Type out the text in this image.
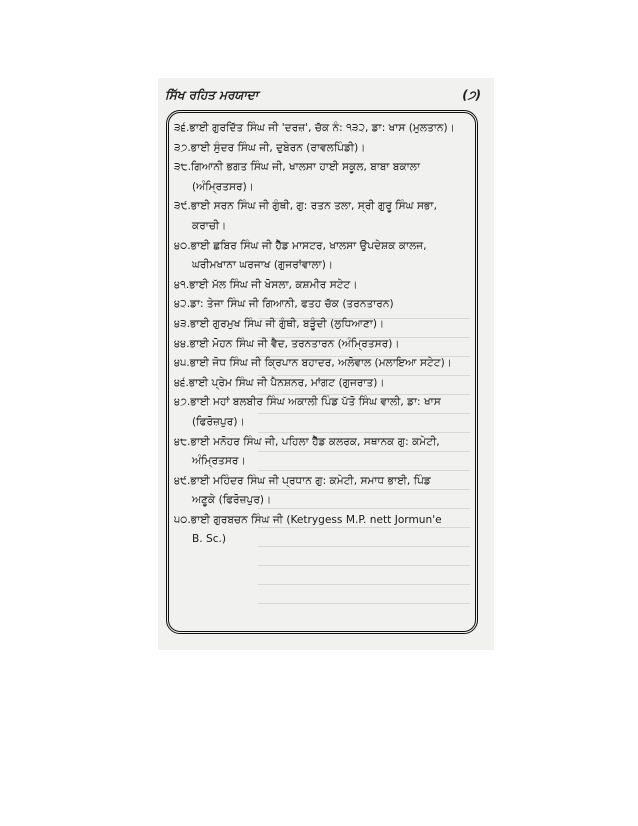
ਸਿੱਖ ਰਹਿਤ ਮਰਯਾਦਾ	(੭)
੩੬.ਭਾਈ ਗੁਰਦਿੱਤ ਸਿੰਘ ਜੀ 'ਦਰਜ਼', ਚੱਕ ਨੰ: ੧੩੨, ਡਾ: ਖਾਸ (ਮੁਲਤਾਨ)।
੩੭.ਭਾਈ ਸੁੰਦਰ ਸਿੰਘ ਜੀ, ਦੁਬੇਰਨ (ਰਾਵਲਪਿੰਡੀ)।
੩੮.ਗਿਆਨੀ ਭਗਤ ਸਿੰਘ ਜੀ, ਖਾਲਸਾ ਹਾਈ ਸਕੂਲ, ਬਾਬਾ ਬਕਾਲਾ
(ਅੰਮ੍ਰਿਤਸਰ)।
੩੯.ਭਾਈ ਸਰਨ ਸਿੰਘ ਜੀ ਗੁੰਥੀ, ਗੁ: ਰਤਨ ਤਲਾ, ਸ੍ਰੀ ਗੁਰੂ ਸਿੰਘ ਸਭਾ,
ਕਰਾਚੀ।
੪੦.ਭਾਈ ਛਬਿਰ ਸਿੰਘ ਜੀ ਹੈੱਡ ਮਾਸਟਰ, ਖਾਲਸਾ ਉਪਦੇਸ਼ਕ ਕਾਲਜ,
ਘਰੀਮਖਾਨਾ ਘਰਜਾਖ (ਗੁਜਰਾਂਵਾਲਾ)।
੪੧.ਭਾਈ ਮੱਲ ਸਿੰਘ ਜੀ ਖੋਸਲਾ, ਕਸ਼ਮੀਰ ਸਟੇਟ।
੪੨.ਡਾ: ਤੇਜਾ ਸਿੰਘ ਜੀ ਗਿਆਨੀ, ਫਤਹ ਚੱਕ (ਤਰਨਤਾਰਨ)
੪੩.ਭਾਈ ਗੁਰਮੁਖ ਸਿੰਘ ਜੀ ਗੁੰਥੀ, ਬੜੂੰਦੀ (ਲੁਧਿਆਣਾ)।
੪੪.ਭਾਈ ਮੋਹਨ ਸਿੰਘ ਜੀ ਵੈਦ, ਤਰਨਤਾਰਨ (ਅੰਮ੍ਰਿਤਸਰ)।
੪੫.ਭਾਈ ਜੋਧ ਸਿੰਘ ਜੀ ਕ੍ਰਿਪਾਨ ਬਹਾਦਰ, ਅਲੋਵਾਲ (ਮਲਾਇਆ ਸਟੇਟ)।
੪੬.ਭਾਈ ਪ੍ਰੇਮ ਸਿੰਘ ਜੀ ਪੈਨਸ਼ਨਰ, ਮਾਂਗਟ (ਗੁਜਰਾਤ)।
੪੭.ਭਾਈ ਮਹਾਂ ਬਲਬੀਰ ਸਿੰਘ ਅਕਾਲੀ ਪਿੰਡ ਪੱਤੋ ਸਿੰਘ ਵਾਲੀ, ਡਾ: ਖਾਸ
(ਫਿਰੋਜ਼ਪੁਰ)।
੪੮.ਭਾਈ ਮਨੋਹਰ ਸਿੰਘ ਜੀ, ਪਹਿਲਾ ਹੈੱਡ ਕਲਰਕ, ਸਥਾਨਕ ਗੁ: ਕਮੇਟੀ,
ਅੰਮ੍ਰਿਤਸਰ।
੪੯.ਭਾਈ ਮਹਿੰਦਰ ਸਿੰਘ ਜੀ ਪ੍ਰਧਾਨ ਗੁ: ਕਮੇਟੀ, ਸਮਾਧ ਭਾਈ, ਪਿੰਡ
ਅਣੂਕੇ (ਫਿਰੋਜ਼ਪੁਰ)।
੫੦.ਭਾਈ ਗੁਰਬਚਨ ਸਿੰਘ ਜੀ (Ketrygess M.P. nett Jormun'e
B. Sc.)
